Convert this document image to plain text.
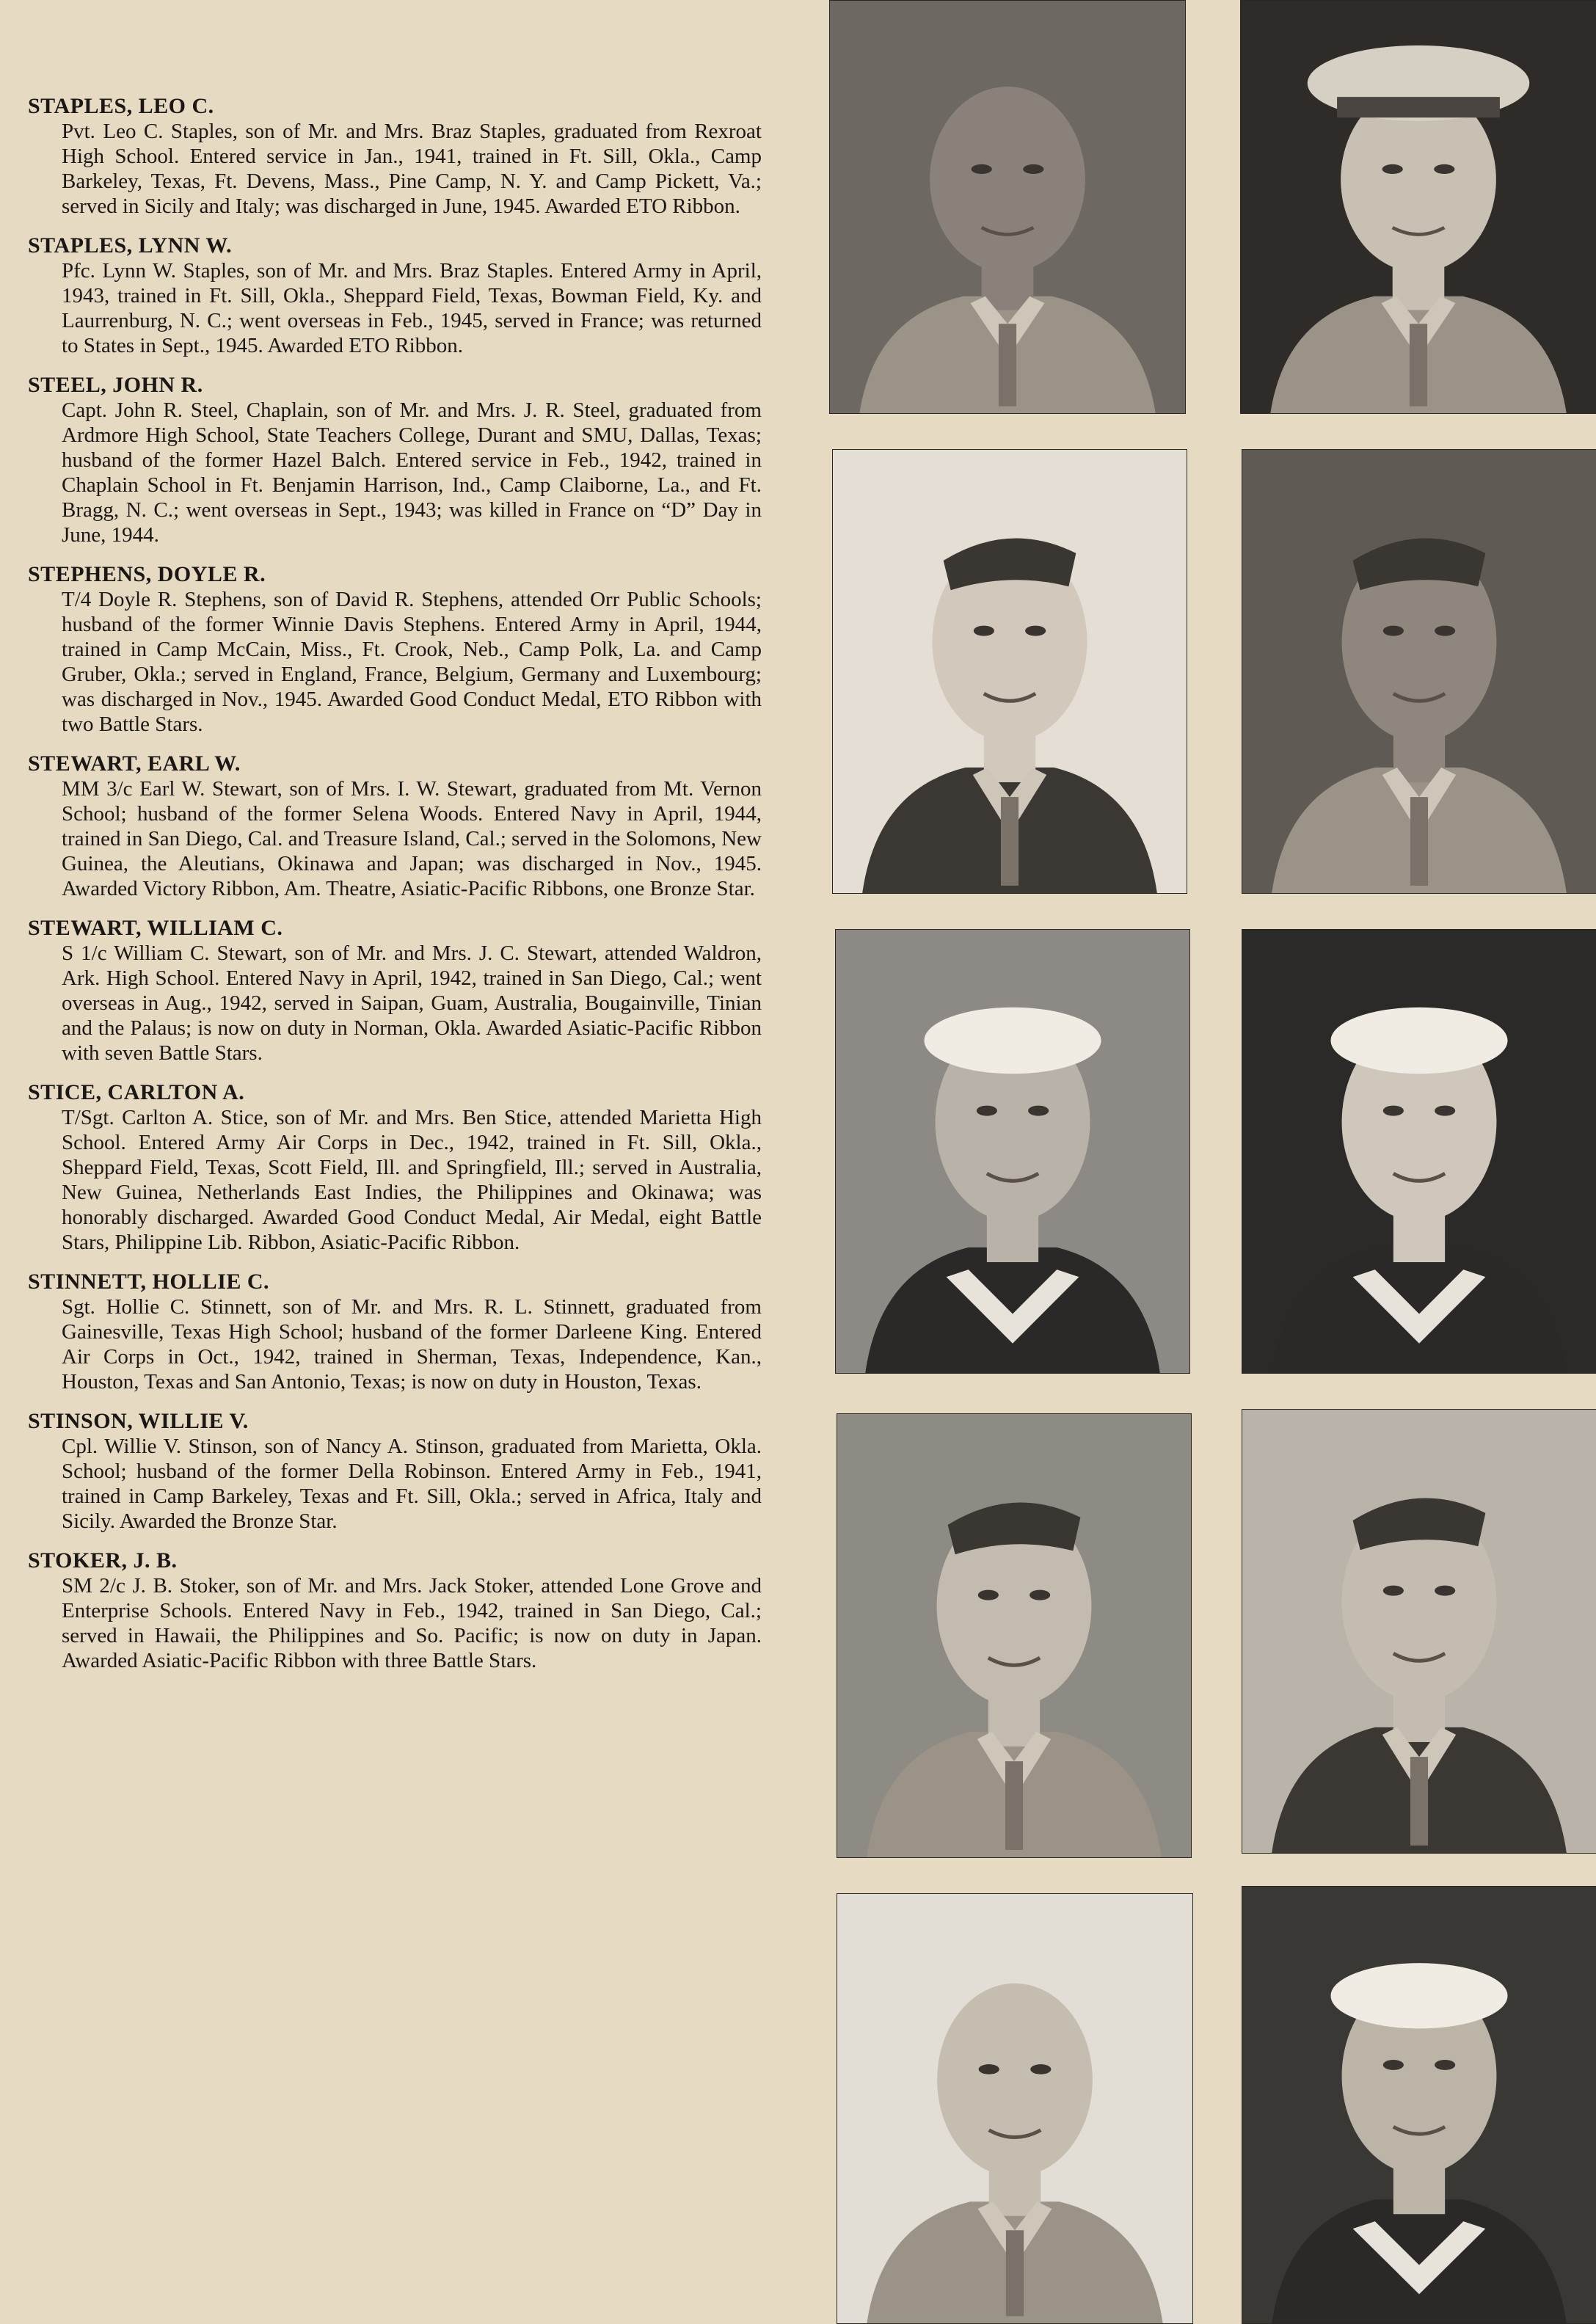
STAPLES, LEO C.

Pvt. Leo C. Staples, son of Mr. and Mrs. Braz Staples, graduated from Rexroat High School. Entered service in Jan., 1941, trained in Ft. Sill, Okla., Camp Barkeley, Texas, Ft. Devens, Mass., Pine Camp, N. Y. and Camp Pickett, Va.; served in Sicily and Italy; was discharged in June, 1945. Awarded ETO Ribbon.

STAPLES, LYNN W.

Pfc. Lynn W. Staples, son of Mr. and Mrs. Braz Staples. Entered Army in April, 1943, trained in Ft. Sill, Okla., Sheppard Field, Texas, Bowman Field, Ky. and Laurrenburg, N. C.; went overseas in Feb., 1945, served in France; was returned to States in Sept., 1945. Awarded ETO Ribbon.

STEEL, JOHN R.

Capt. John R. Steel, Chaplain, son of Mr. and Mrs. J. R. Steel, graduated from Ardmore High School, State Teachers College, Durant and SMU, Dallas, Texas; husband of the former Hazel Balch. Entered service in Feb., 1942, trained in Chaplain School in Ft. Benjamin Harrison, Ind., Camp Claiborne, La., and Ft. Bragg, N. C.; went overseas in Sept., 1943; was killed in France on “D” Day in June, 1944.

STEPHENS, DOYLE R.

T/4 Doyle R. Stephens, son of David R. Stephens, attended Orr Public Schools; husband of the former Winnie Davis Stephens. Entered Army in April, 1944, trained in Camp McCain, Miss., Ft. Crook, Neb., Camp Polk, La. and Camp Gruber, Okla.; served in England, France, Belgium, Germany and Luxembourg; was discharged in Nov., 1945. Awarded Good Conduct Medal, ETO Ribbon with two Battle Stars.

STEWART, EARL W.

MM 3/c Earl W. Stewart, son of Mrs. I. W. Stewart, graduated from Mt. Vernon School; husband of the former Selena Woods. Entered Navy in April, 1944, trained in San Diego, Cal. and Treasure Island, Cal.; served in the Solomons, New Guinea, the Aleutians, Okinawa and Japan; was discharged in Nov., 1945. Awarded Victory Ribbon, Am. Theatre, Asiatic-Pacific Ribbons, one Bronze Star.

STEWART, WILLIAM C.

S 1/c William C. Stewart, son of Mr. and Mrs. J. C. Stewart, attended Waldron, Ark. High School. Entered Navy in April, 1942, trained in San Diego, Cal.; went overseas in Aug., 1942, served in Saipan, Guam, Australia, Bougainville, Tinian and the Palaus; is now on duty in Norman, Okla. Awarded Asiatic-Pacific Ribbon with seven Battle Stars.

STICE, CARLTON A.

T/Sgt. Carlton A. Stice, son of Mr. and Mrs. Ben Stice, attended Marietta High School. Entered Army Air Corps in Dec., 1942, trained in Ft. Sill, Okla., Sheppard Field, Texas, Scott Field, Ill. and Springfield, Ill.; served in Australia, New Guinea, Netherlands East Indies, the Philippines and Okinawa; was honorably discharged. Awarded Good Conduct Medal, Air Medal, eight Battle Stars, Philippine Lib. Ribbon, Asiatic-Pacific Ribbon.

STINNETT, HOLLIE C.

Sgt. Hollie C. Stinnett, son of Mr. and Mrs. R. L. Stinnett, graduated from Gainesville, Texas High School; husband of the former Darleene King. Entered Air Corps in Oct., 1942, trained in Sherman, Texas, Independence, Kan., Houston, Texas and San Antonio, Texas; is now on duty in Houston, Texas.

STINSON, WILLIE V.

Cpl. Willie V. Stinson, son of Nancy A. Stinson, graduated from Marietta, Okla. School; husband of the former Della Robinson. Entered Army in Feb., 1941, trained in Camp Barkeley, Texas and Ft. Sill, Okla.; served in Africa, Italy and Sicily. Awarded the Bronze Star.

STOKER, J. B.

SM 2/c J. B. Stoker, son of Mr. and Mrs. Jack Stoker, attended Lone Grove and Enterprise Schools. Entered Navy in Feb., 1942, trained in San Diego, Cal.; served in Hawaii, the Philippines and So. Pacific; is now on duty in Japan. Awarded Asiatic-Pacific Ribbon with three Battle Stars.
